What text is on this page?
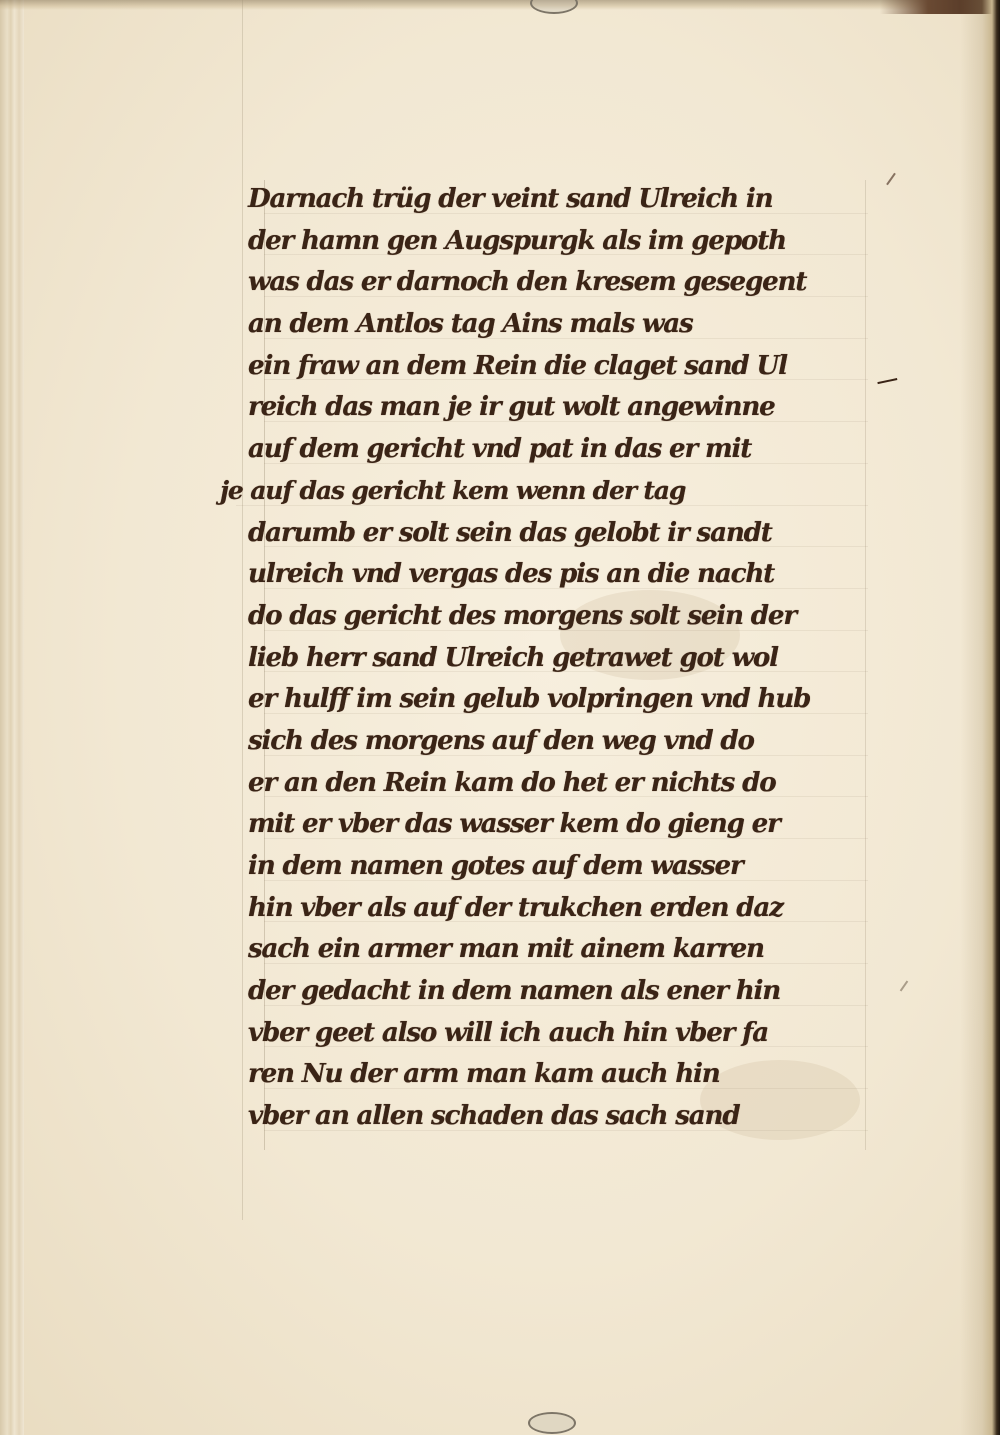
Darnach trüg der veint sand Ulreich in
der hamn gen Augspurgk als im gepoth
was das er darnoch den kresem gesegent
an dem Antlos tag Ains mals was
ein fraw an dem Rein die claget sand Ul
reich das man je ir gut wolt angewinne
auf dem gericht vnd pat in das er mit
je auf das gericht kem wenn der tag
darumb er solt sein das gelobt ir sandt
ulreich vnd vergas des pis an die nacht
do das gericht des morgens solt sein der
lieb herr sand Ulreich getrawet got wol
er hulff im sein gelub volpringen vnd hub
sich des morgens auf den weg vnd do
er an den Rein kam do het er nichts do
mit er vber das wasser kem do gieng er
in dem namen gotes auf dem wasser
hin vber als auf der trukchen erden daz
sach ein armer man mit ainem karren
der gedacht in dem namen als ener hin
vber geet also will ich auch hin vber fa
ren Nu der arm man kam auch hin
vber an allen schaden das sach sand
